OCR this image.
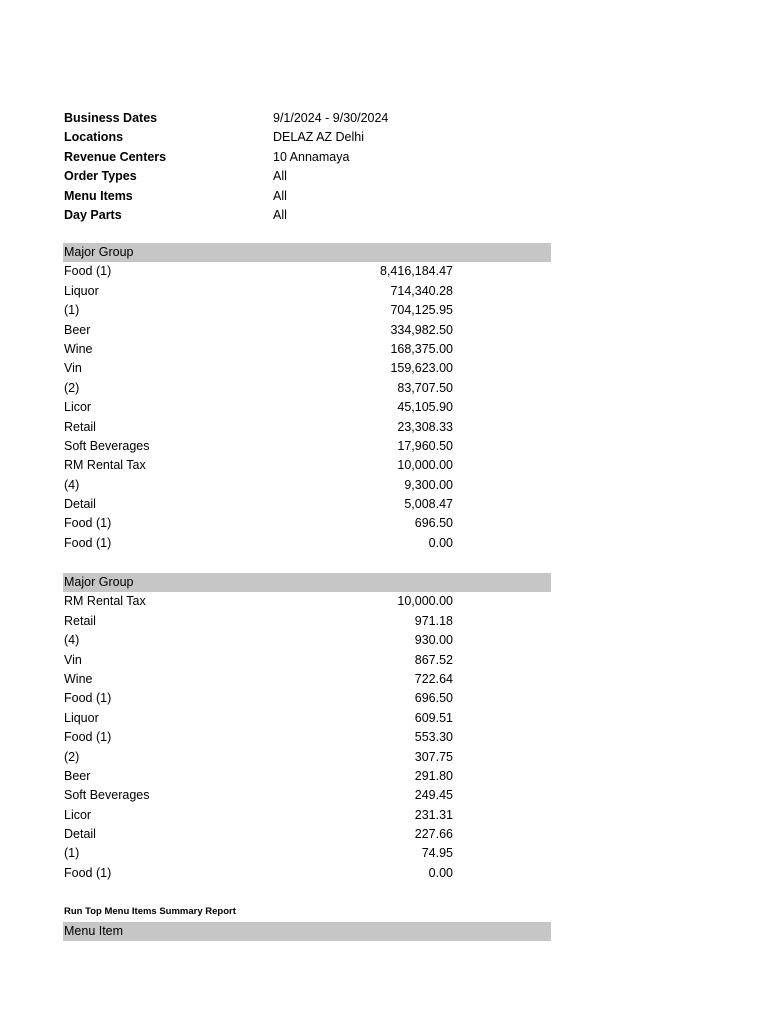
Business Dates	9/1/2024 - 9/30/2024
Locations	DELAZ AZ Delhi
Revenue Centers	10 Annamaya
Order Types	All
Menu Items	All
Day Parts	All
Major Group
Food (1)	8,416,184.47
Liquor	714,340.28
(1)	704,125.95
Beer	334,982.50
Wine	168,375.00
Vin	159,623.00
(2)	83,707.50
Licor	45,105.90
Retail	23,308.33
Soft Beverages	17,960.50
RM Rental Tax	10,000.00
(4)	9,300.00
Detail	5,008.47
Food (1)	696.50
Food (1)	0.00
Major Group
RM Rental Tax	10,000.00
Retail	971.18
(4)	930.00
Vin	867.52
Wine	722.64
Food (1)	696.50
Liquor	609.51
Food (1)	553.30
(2)	307.75
Beer	291.80
Soft Beverages	249.45
Licor	231.31
Detail	227.66
(1)	74.95
Food (1)	0.00
Run Top Menu Items Summary Report
Menu Item
